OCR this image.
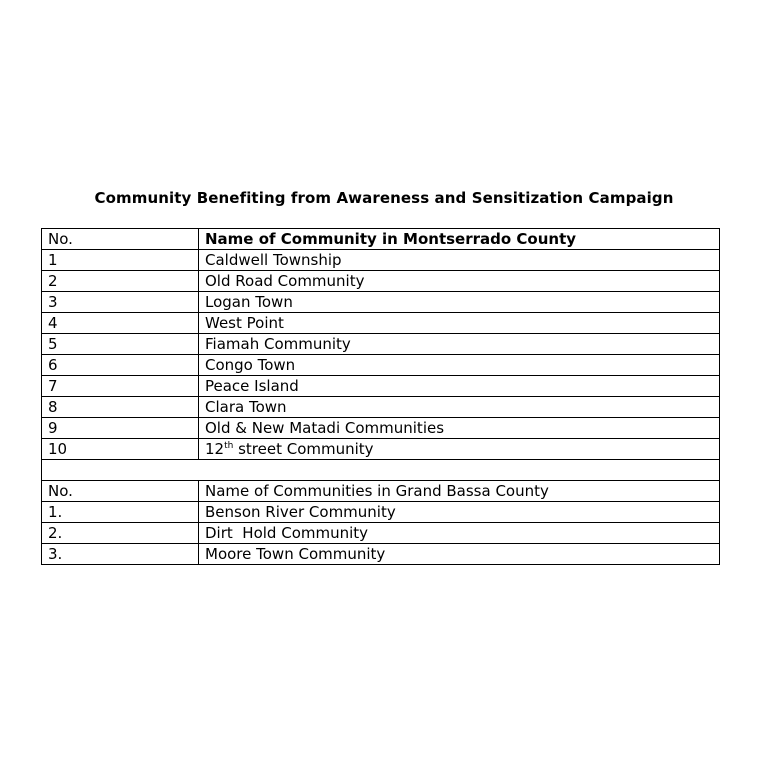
Community Benefiting from Awareness and Sensitization Campaign
No.	Name of Community in Montserrado County
1	Caldwell Township
2	Old Road Community
3	Logan Town
4	West Point
5	Fiamah Community
6	Congo Town
7	Peace Island
8	Clara Town
9	Old & New Matadi Communities
10	12th street Community

No.	Name of Communities in Grand Bassa County
1.	Benson River Community
2.	Dirt  Hold Community
3.	Moore Town Community
